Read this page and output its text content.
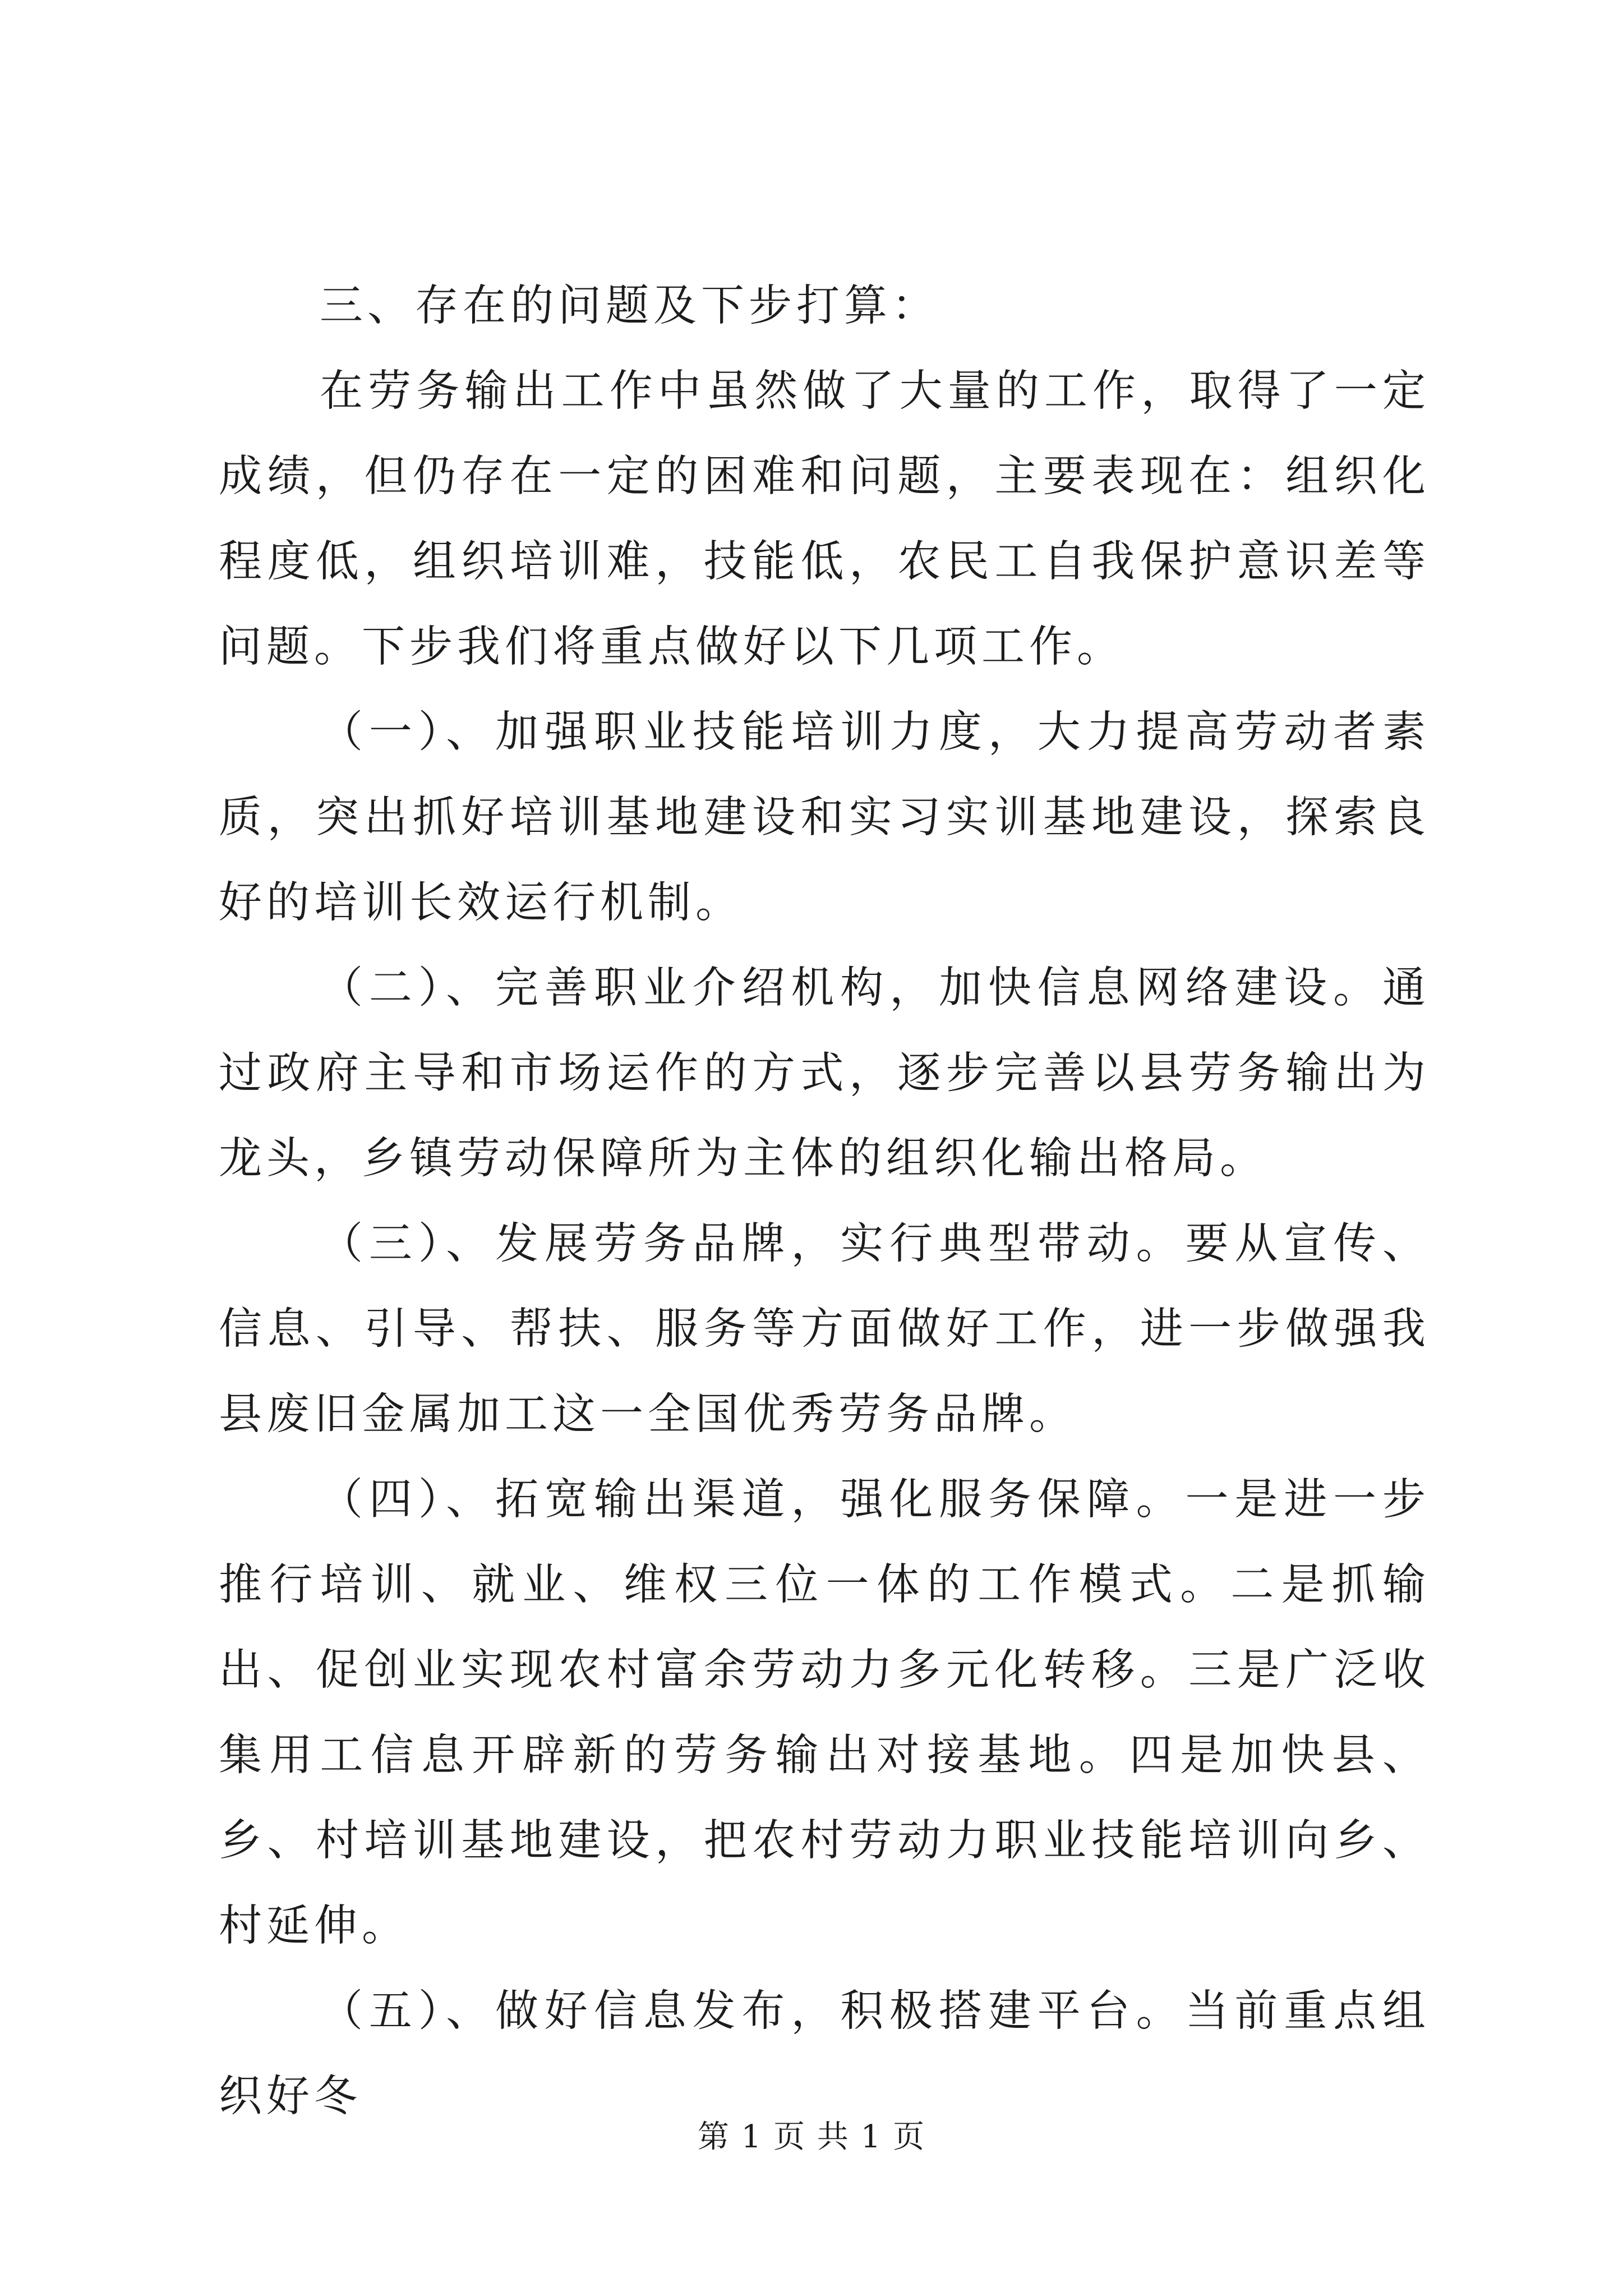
三、存在的问题及下步打算：

在劳务输出工作中虽然做了大量的工作，取得了一定成绩，但仍存在一定的困难和问题，主要表现在：组织化程度低，组织培训难，技能低，农民工自我保护意识差等问题。下步我们将重点做好以下几项工作。

（一）、加强职业技能培训力度，大力提高劳动者素质，突出抓好培训基地建设和实习实训基地建设，探索良好的培训长效运行机制。

（二）、完善职业介绍机构，加快信息网络建设。通过政府主导和市场运作的方式，逐步完善以县劳务输出为龙头，乡镇劳动保障所为主体的组织化输出格局。

（三）、发展劳务品牌，实行典型带动。要从宣传、信息、引导、帮扶、服务等方面做好工作，进一步做强我县废旧金属加工这一全国优秀劳务品牌。

（四）、拓宽输出渠道，强化服务保障。一是进一步推行培训、就业、维权三位一体的工作模式。二是抓输出、促创业实现农村富余劳动力多元化转移。三是广泛收集用工信息开辟新的劳务输出对接基地。四是加快县、乡、村培训基地建设，把农村劳动力职业技能培训向乡、村延伸。

（五）、做好信息发布，积极搭建平台。当前重点组织好冬

第 1 页 共 1 页
